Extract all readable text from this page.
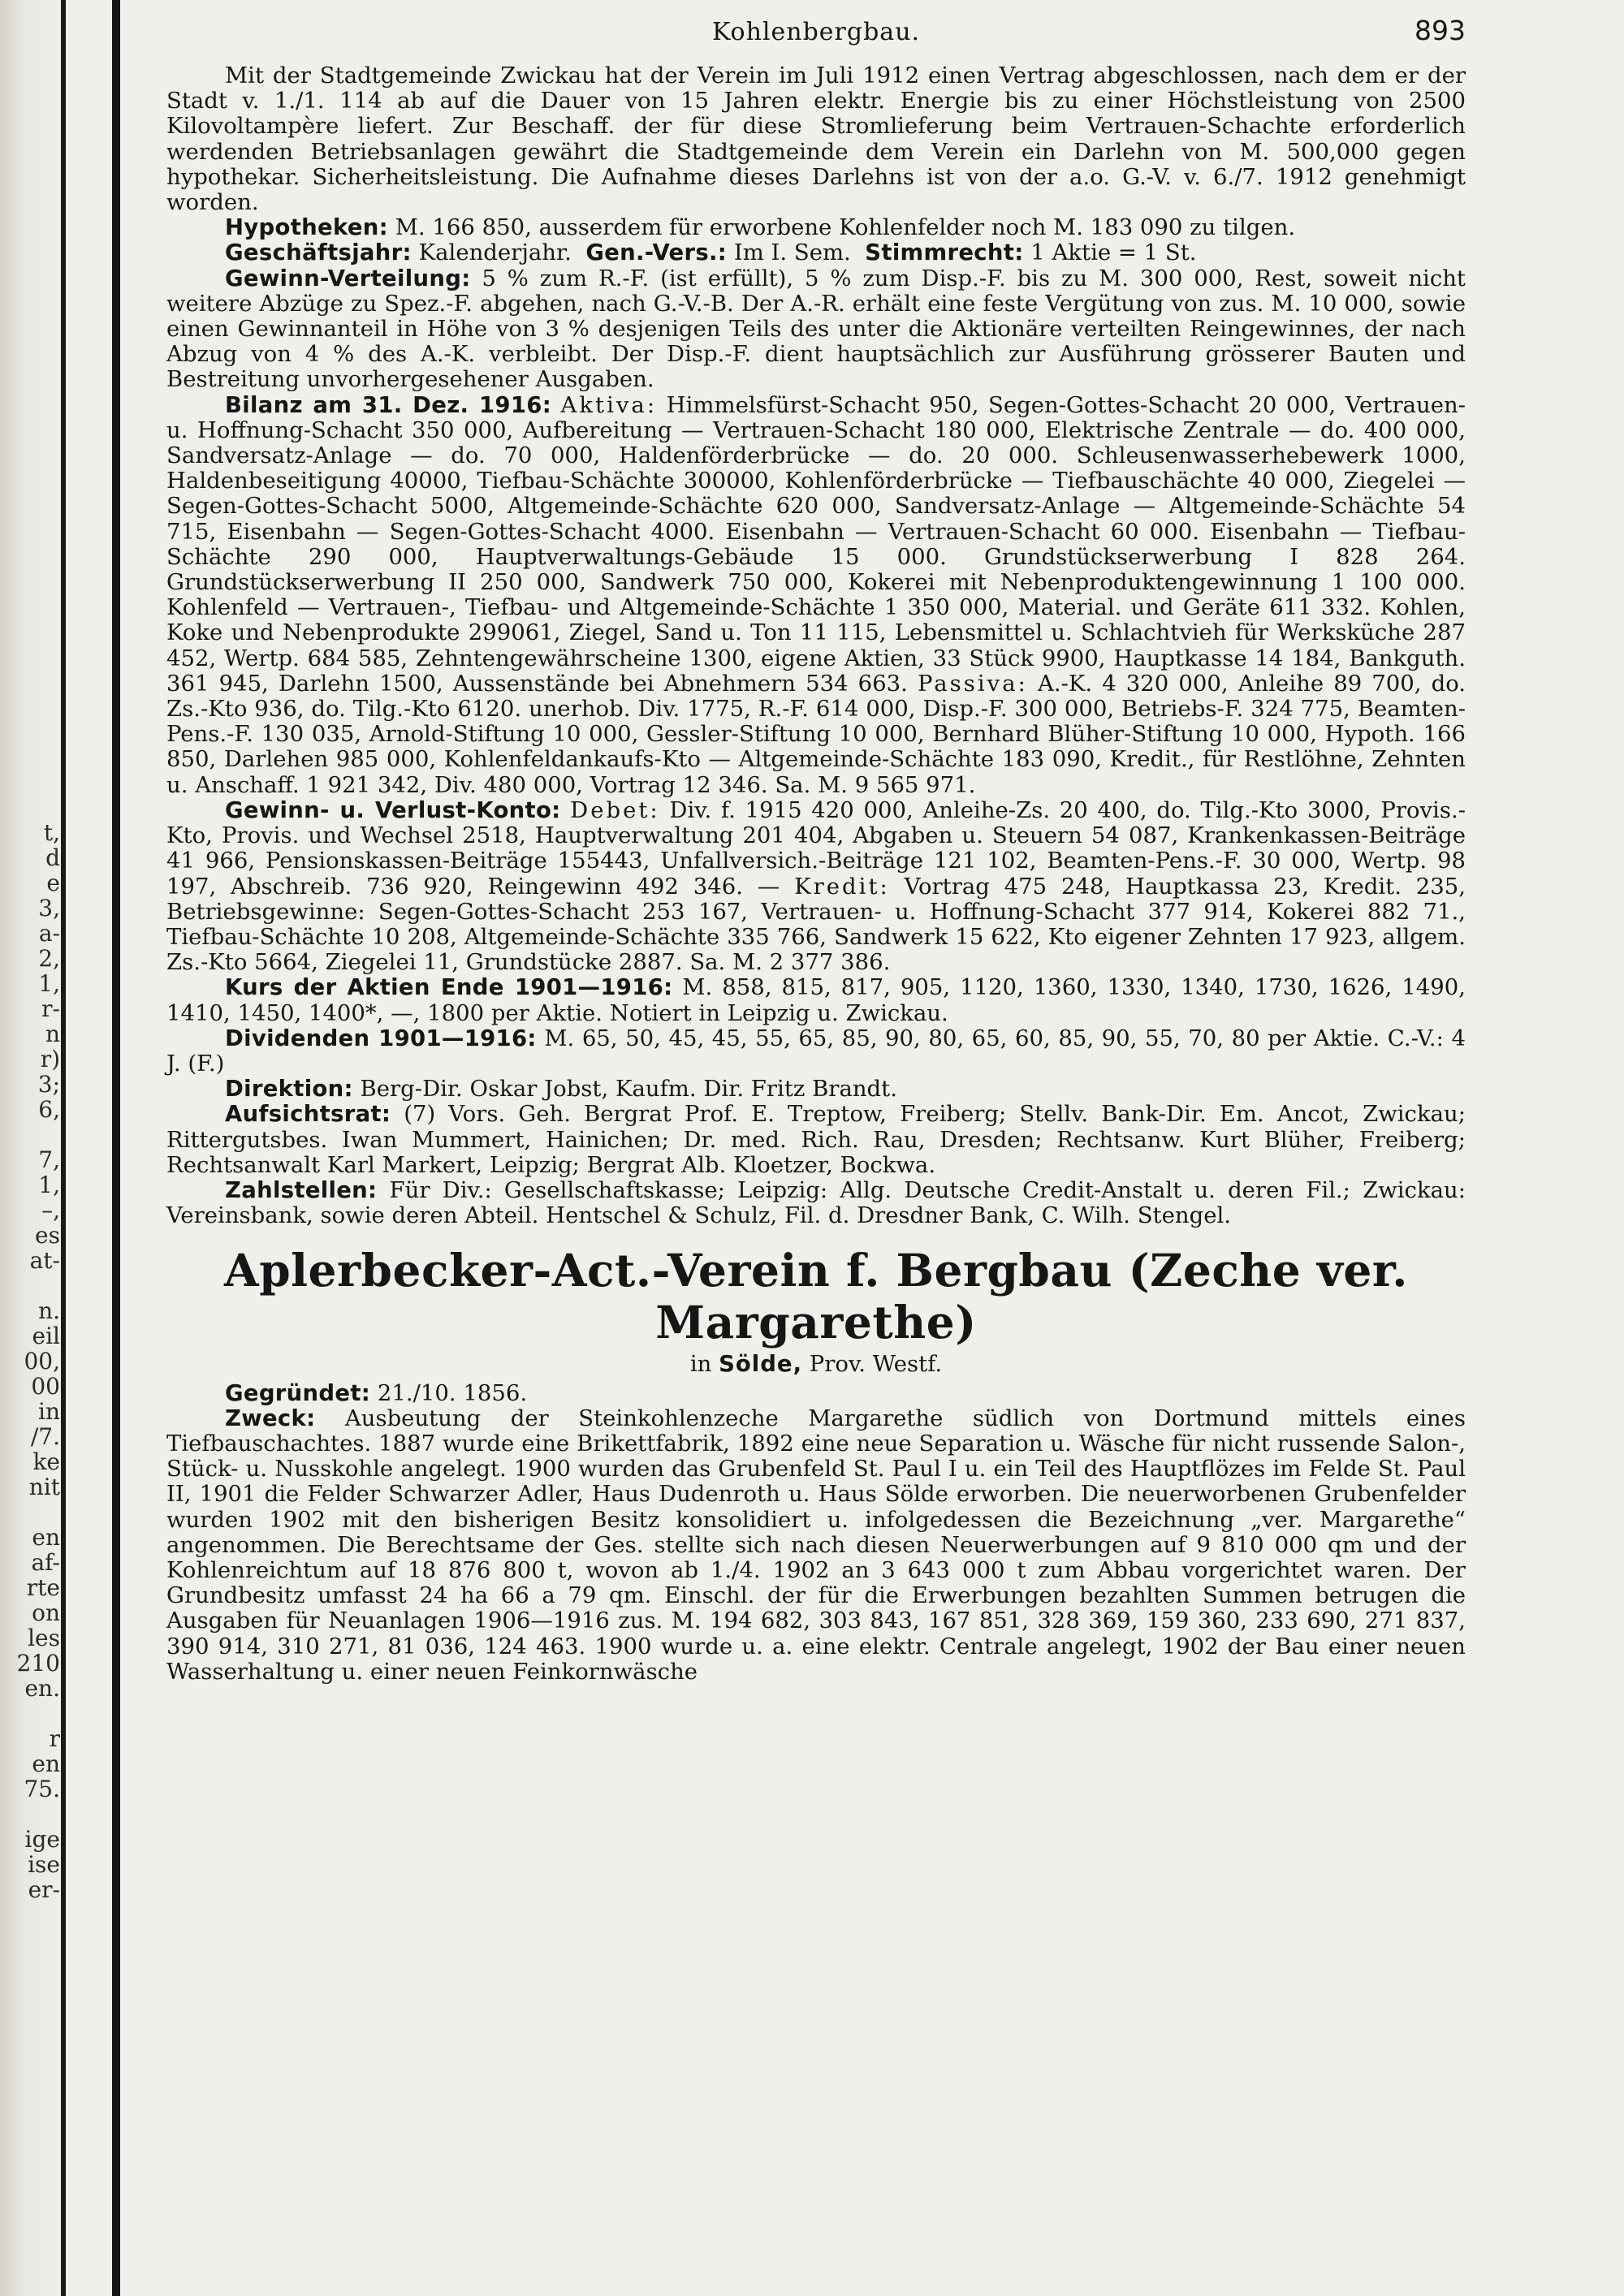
t,
d
e
3,
a-
2,
1,
r-
n
r)
3;
6,
7,
1,
–,
es
at-
n.
eil
00,
00
in
/7.
ke
nit
en
af-
rte
on
les
210
en.
r
en
75.
ige
ise
er-
Kohlenbergbau.	893

Mit der Stadtgemeinde Zwickau hat der Verein im Juli 1912 einen Vertrag abgeschlossen, nach dem er der Stadt v. 1./1. 114 ab auf die Dauer von 15 Jahren elektr. Energie bis zu einer Höchstleistung von 2500 Kilovoltampère liefert. Zur Beschaff. der für diese Stromlieferung beim Vertrauen-Schachte erforderlich werdenden Betriebsanlagen gewährt die Stadtgemeinde dem Verein ein Darlehn von M. 500,000 gegen hypothekar. Sicherheitsleistung. Die Aufnahme dieses Darlehns ist von der a.o. G.-V. v. 6./7. 1912 genehmigt worden.

Hypotheken: M. 166 850, ausserdem für erworbene Kohlenfelder noch M. 183 090 zu tilgen.

Geschäftsjahr: Kalenderjahr. Gen.-Vers.: Im I. Sem. Stimmrecht: 1 Aktie = 1 St.

Gewinn-Verteilung: 5 % zum R.-F. (ist erfüllt), 5 % zum Disp.-F. bis zu M. 300 000, Rest, soweit nicht weitere Abzüge zu Spez.-F. abgehen, nach G.-V.-B. Der A.-R. erhält eine feste Vergütung von zus. M. 10 000, sowie einen Gewinnanteil in Höhe von 3 % desjenigen Teils des unter die Aktionäre verteilten Reingewinnes, der nach Abzug von 4 % des A.-K. verbleibt. Der Disp.-F. dient hauptsächlich zur Ausführung grösserer Bauten und Bestreitung unvorhergesehener Ausgaben.

Bilanz am 31. Dez. 1916: Aktiva: Himmelsfürst-Schacht 950, Segen-Gottes-Schacht 20 000, Vertrauen- u. Hoffnung-Schacht 350 000, Aufbereitung — Vertrauen-Schacht 180 000, Elektrische Zentrale — do. 400 000, Sandversatz-Anlage — do. 70 000, Haldenförderbrücke — do. 20 000. Schleusenwasserhebewerk 1000, Haldenbeseitigung 40000, Tiefbau-Schächte 300000, Kohlenförderbrücke — Tiefbauschächte 40 000, Ziegelei — Segen-Gottes-Schacht 5000, Altgemeinde-Schächte 620 000, Sandversatz-Anlage — Altgemeinde-Schächte 54 715, Eisenbahn — Segen-Gottes-Schacht 4000. Eisenbahn — Vertrauen-Schacht 60 000. Eisenbahn — Tiefbau-Schächte 290 000, Hauptverwaltungs-Gebäude 15 000. Grundstückserwerbung I 828 264. Grundstückserwerbung II 250 000, Sandwerk 750 000, Kokerei mit Nebenproduktengewinnung 1 100 000. Kohlenfeld — Vertrauen-, Tiefbau- und Altgemeinde-Schächte 1 350 000, Material. und Geräte 611 332. Kohlen, Koke und Nebenprodukte 299061, Ziegel, Sand u. Ton 11 115, Lebensmittel u. Schlachtvieh für Werksküche 287 452, Wertp. 684 585, Zehntengewährscheine 1300, eigene Aktien, 33 Stück 9900, Hauptkasse 14 184, Bankguth. 361 945, Darlehn 1500, Aussenstände bei Abnehmern 534 663. Passiva: A.-K. 4 320 000, Anleihe 89 700, do. Zs.-Kto 936, do. Tilg.-Kto 6120. unerhob. Div. 1775, R.-F. 614 000, Disp.-F. 300 000, Betriebs-F. 324 775, Beamten-Pens.-F. 130 035, Arnold-Stiftung 10 000, Gessler-Stiftung 10 000, Bernhard Blüher-Stiftung 10 000, Hypoth. 166 850, Darlehen 985 000, Kohlenfeldankaufs-Kto — Altgemeinde-Schächte 183 090, Kredit., für Restlöhne, Zehnten u. Anschaff. 1 921 342, Div. 480 000, Vortrag 12 346. Sa. M. 9 565 971.

Gewinn- u. Verlust-Konto: Debet: Div. f. 1915 420 000, Anleihe-Zs. 20 400, do. Tilg.-Kto 3000, Provis.-Kto, Provis. und Wechsel 2518, Hauptverwaltung 201 404, Abgaben u. Steuern 54 087, Krankenkassen-Beiträge 41 966, Pensionskassen-Beiträge 155443, Unfallversich.-Beiträge 121 102, Beamten-Pens.-F. 30 000, Wertp. 98 197, Abschreib. 736 920, Reingewinn 492 346. — Kredit: Vortrag 475 248, Hauptkassa 23, Kredit. 235, Betriebsgewinne: Segen-Gottes-Schacht 253 167, Vertrauen- u. Hoffnung-Schacht 377 914, Kokerei 882 71., Tiefbau-Schächte 10 208, Altgemeinde-Schächte 335 766, Sandwerk 15 622, Kto eigener Zehnten 17 923, allgem. Zs.-Kto 5664, Ziegelei 11, Grundstücke 2887. Sa. M. 2 377 386.

Kurs der Aktien Ende 1901—1916: M. 858, 815, 817, 905, 1120, 1360, 1330, 1340, 1730, 1626, 1490, 1410, 1450, 1400*, —, 1800 per Aktie. Notiert in Leipzig u. Zwickau.

Dividenden 1901—1916: M. 65, 50, 45, 45, 55, 65, 85, 90, 80, 65, 60, 85, 90, 55, 70, 80 per Aktie. C.-V.: 4 J. (F.)

Direktion: Berg-Dir. Oskar Jobst, Kaufm. Dir. Fritz Brandt.

Aufsichtsrat: (7) Vors. Geh. Bergrat Prof. E. Treptow, Freiberg; Stellv. Bank-Dir. Em. Ancot, Zwickau; Rittergutsbes. Iwan Mummert, Hainichen; Dr. med. Rich. Rau, Dresden; Rechtsanw. Kurt Blüher, Freiberg; Rechtsanwalt Karl Markert, Leipzig; Bergrat Alb. Kloetzer, Bockwa.

Zahlstellen: Für Div.: Gesellschaftskasse; Leipzig: Allg. Deutsche Credit-Anstalt u. deren Fil.; Zwickau: Vereinsbank, sowie deren Abteil. Hentschel & Schulz, Fil. d. Dresdner Bank, C. Wilh. Stengel.

Aplerbecker-Act.-Verein f. Bergbau (Zeche ver. Margarethe)
in Sölde, Prov. Westf.

Gegründet: 21./10. 1856.

Zweck: Ausbeutung der Steinkohlenzeche Margarethe südlich von Dortmund mittels eines Tiefbauschachtes. 1887 wurde eine Brikettfabrik, 1892 eine neue Separation u. Wäsche für nicht russende Salon-, Stück- u. Nusskohle angelegt. 1900 wurden das Grubenfeld St. Paul I u. ein Teil des Hauptflözes im Felde St. Paul II, 1901 die Felder Schwarzer Adler, Haus Dudenroth u. Haus Sölde erworben. Die neuerworbenen Grubenfelder wurden 1902 mit den bisherigen Besitz konsolidiert u. infolgedessen die Bezeichnung „ver. Margarethe“ angenommen. Die Berechtsame der Ges. stellte sich nach diesen Neuerwerbungen auf 9 810 000 qm und der Kohlenreichtum auf 18 876 800 t, wovon ab 1./4. 1902 an 3 643 000 t zum Abbau vorgerichtet waren. Der Grundbesitz umfasst 24 ha 66 a 79 qm. Einschl. der für die Erwerbungen bezahlten Summen betrugen die Ausgaben für Neuanlagen 1906—1916 zus. M. 194 682, 303 843, 167 851, 328 369, 159 360, 233 690, 271 837, 390 914, 310 271, 81 036, 124 463. 1900 wurde u. a. eine elektr. Centrale angelegt, 1902 der Bau einer neuen Wasserhaltung u. einer neuen Feinkornwäsche
